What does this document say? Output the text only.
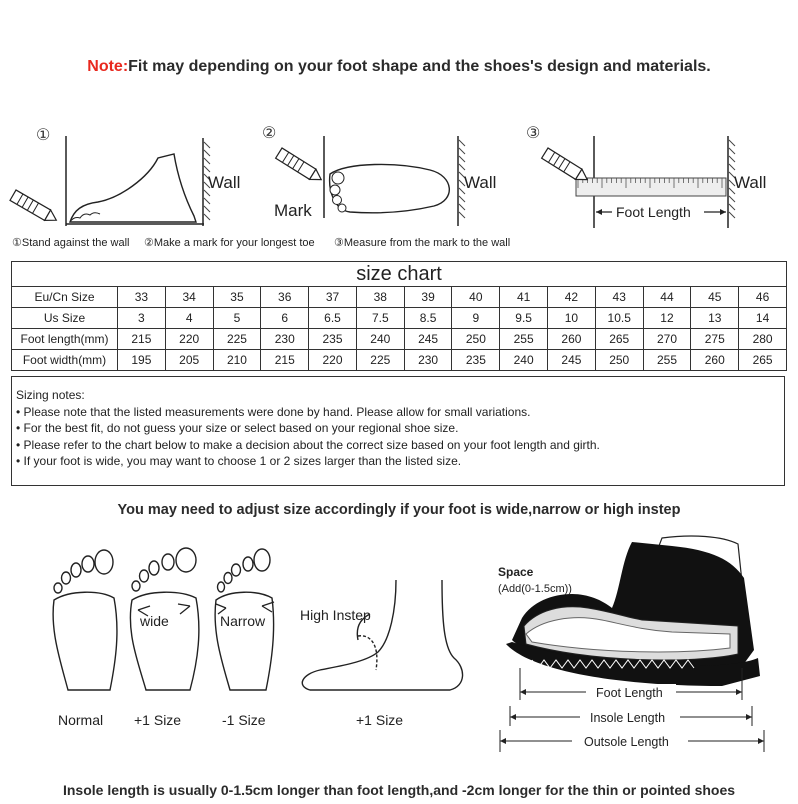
Note:Fit may depending on your foot shape and the shoes's design and materials.
①
Wall
②
Mark
Wall
③
Foot Length
Wall
①Stand against the wall ②Make a mark for your longest toe ③Measure from the mark to the wall
size chart														
Eu/Cn Size	33	34	35	36	37	38	39	40	41	42	43	44	45	46
Us Size	3	4	5	6	6.5	7.5	8.5	9	9.5	10	10.5	12	13	14
Foot length(mm)	215	220	225	230	235	240	245	250	255	260	265	270	275	280
Foot width(mm)	195	205	210	215	220	225	230	235	240	245	250	255	260	265
Sizing notes:
• Please note that the listed measurements were done by hand. Please allow for small variations.
• For the best fit, do not guess your size or select based on your regional shoe size.
• Please refer to the chart below to make a decision about the correct size based on your foot length and girth.
• If your foot is wide, you may want to choose 1 or 2 sizes larger than the listed size.
You may need to adjust size accordingly if your foot is wide,narrow or high instep
wide	Narrow High Instep
Normal +1 Size	-1 Size	+1 Size
Space
(Add(0-1.5cm))
Foot Length
Insole Length
Outsole Length
Insole length is usually 0-1.5cm longer than foot length,and -2cm longer for the thin or pointed shoes
